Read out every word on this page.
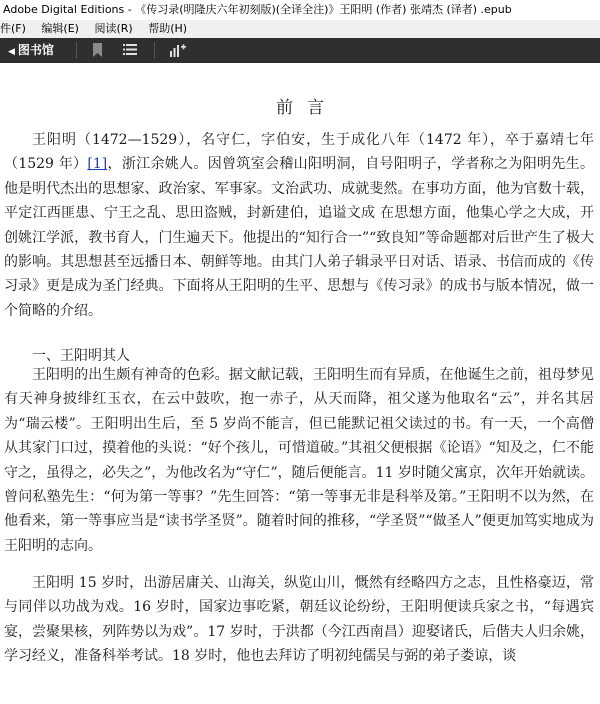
Adobe Digital Editions - 《传习录(明隆庆六年初刻版)(全译全注)》王阳明 (作者) 张靖杰 (译者) .epub
件(F) 编辑(E) 阅读(R) 帮助(H)
◀ 图书馆
前言

王阳明（1472—1529），名守仁，字伯安，生于成化八年（1472 年），卒于嘉靖七年（1529 年）[1]，浙江余姚人。因曾筑室会稽山阳明洞，自号阳明子，学者称之为阳明先生。他是明代杰出的思想家、政治家、军事家。文治武功、成就斐然。在事功方面，他为官数十载，平定江西匪患、宁王之乱、思田盗贼，封新建伯，追谥文成 在思想方面，他集心学之大成，开创姚江学派，教书育人，门生遍天下。他提出的“知行合一”“致良知”等命题都对后世产生了极大的影响。其思想甚至远播日本、朝鲜等地。由其门人弟子辑录平日对话、语录、书信而成的《传习录》更是成为圣门经典。下面将从王阳明的生平、思想与《传习录》的成书与版本情况，做一个简略的介绍。

一、王阳明其人

王阳明的出生颇有神奇的色彩。据文献记载，王阳明生而有异质，在他诞生之前，祖母梦见有天神身披绯红玉衣，在云中鼓吹，抱一赤子，从天而降，祖父遂为他取名“云”，并名其居为“瑞云楼”。王阳明出生后，至 5 岁尚不能言，但已能默记祖父读过的书。有一天，一个高僧从其家门口过，摸着他的头说：“好个孩儿，可惜道破。”其祖父便根据《论语》“知及之，仁不能守之，虽得之，必失之”，为他改名为“守仁”，随后便能言。11 岁时随父寓京，次年开始就读。曾问私塾先生：“何为第一等事？”先生回答：“第一等事无非是科举及第。”王阳明不以为然，在他看来，第一等事应当是“读书学圣贤”。随着时间的推移，“学圣贤”“做圣人”便更加笃实地成为王阳明的志向。

王阳明 15 岁时，出游居庸关、山海关，纵览山川，慨然有经略四方之志，且性格豪迈，常与同伴以功战为戏。16 岁时，国家边事吃紧，朝廷议论纷纷，王阳明便读兵家之书，“每遇宾宴，尝聚果核，列阵势以为戏”。17 岁时，于洪都（今江西南昌）迎娶诸氏，后偕夫人归余姚，学习经义，准备科举考试。18 岁时，他也去拜访了明初纯儒吴与弼的弟子娄谅，谈
